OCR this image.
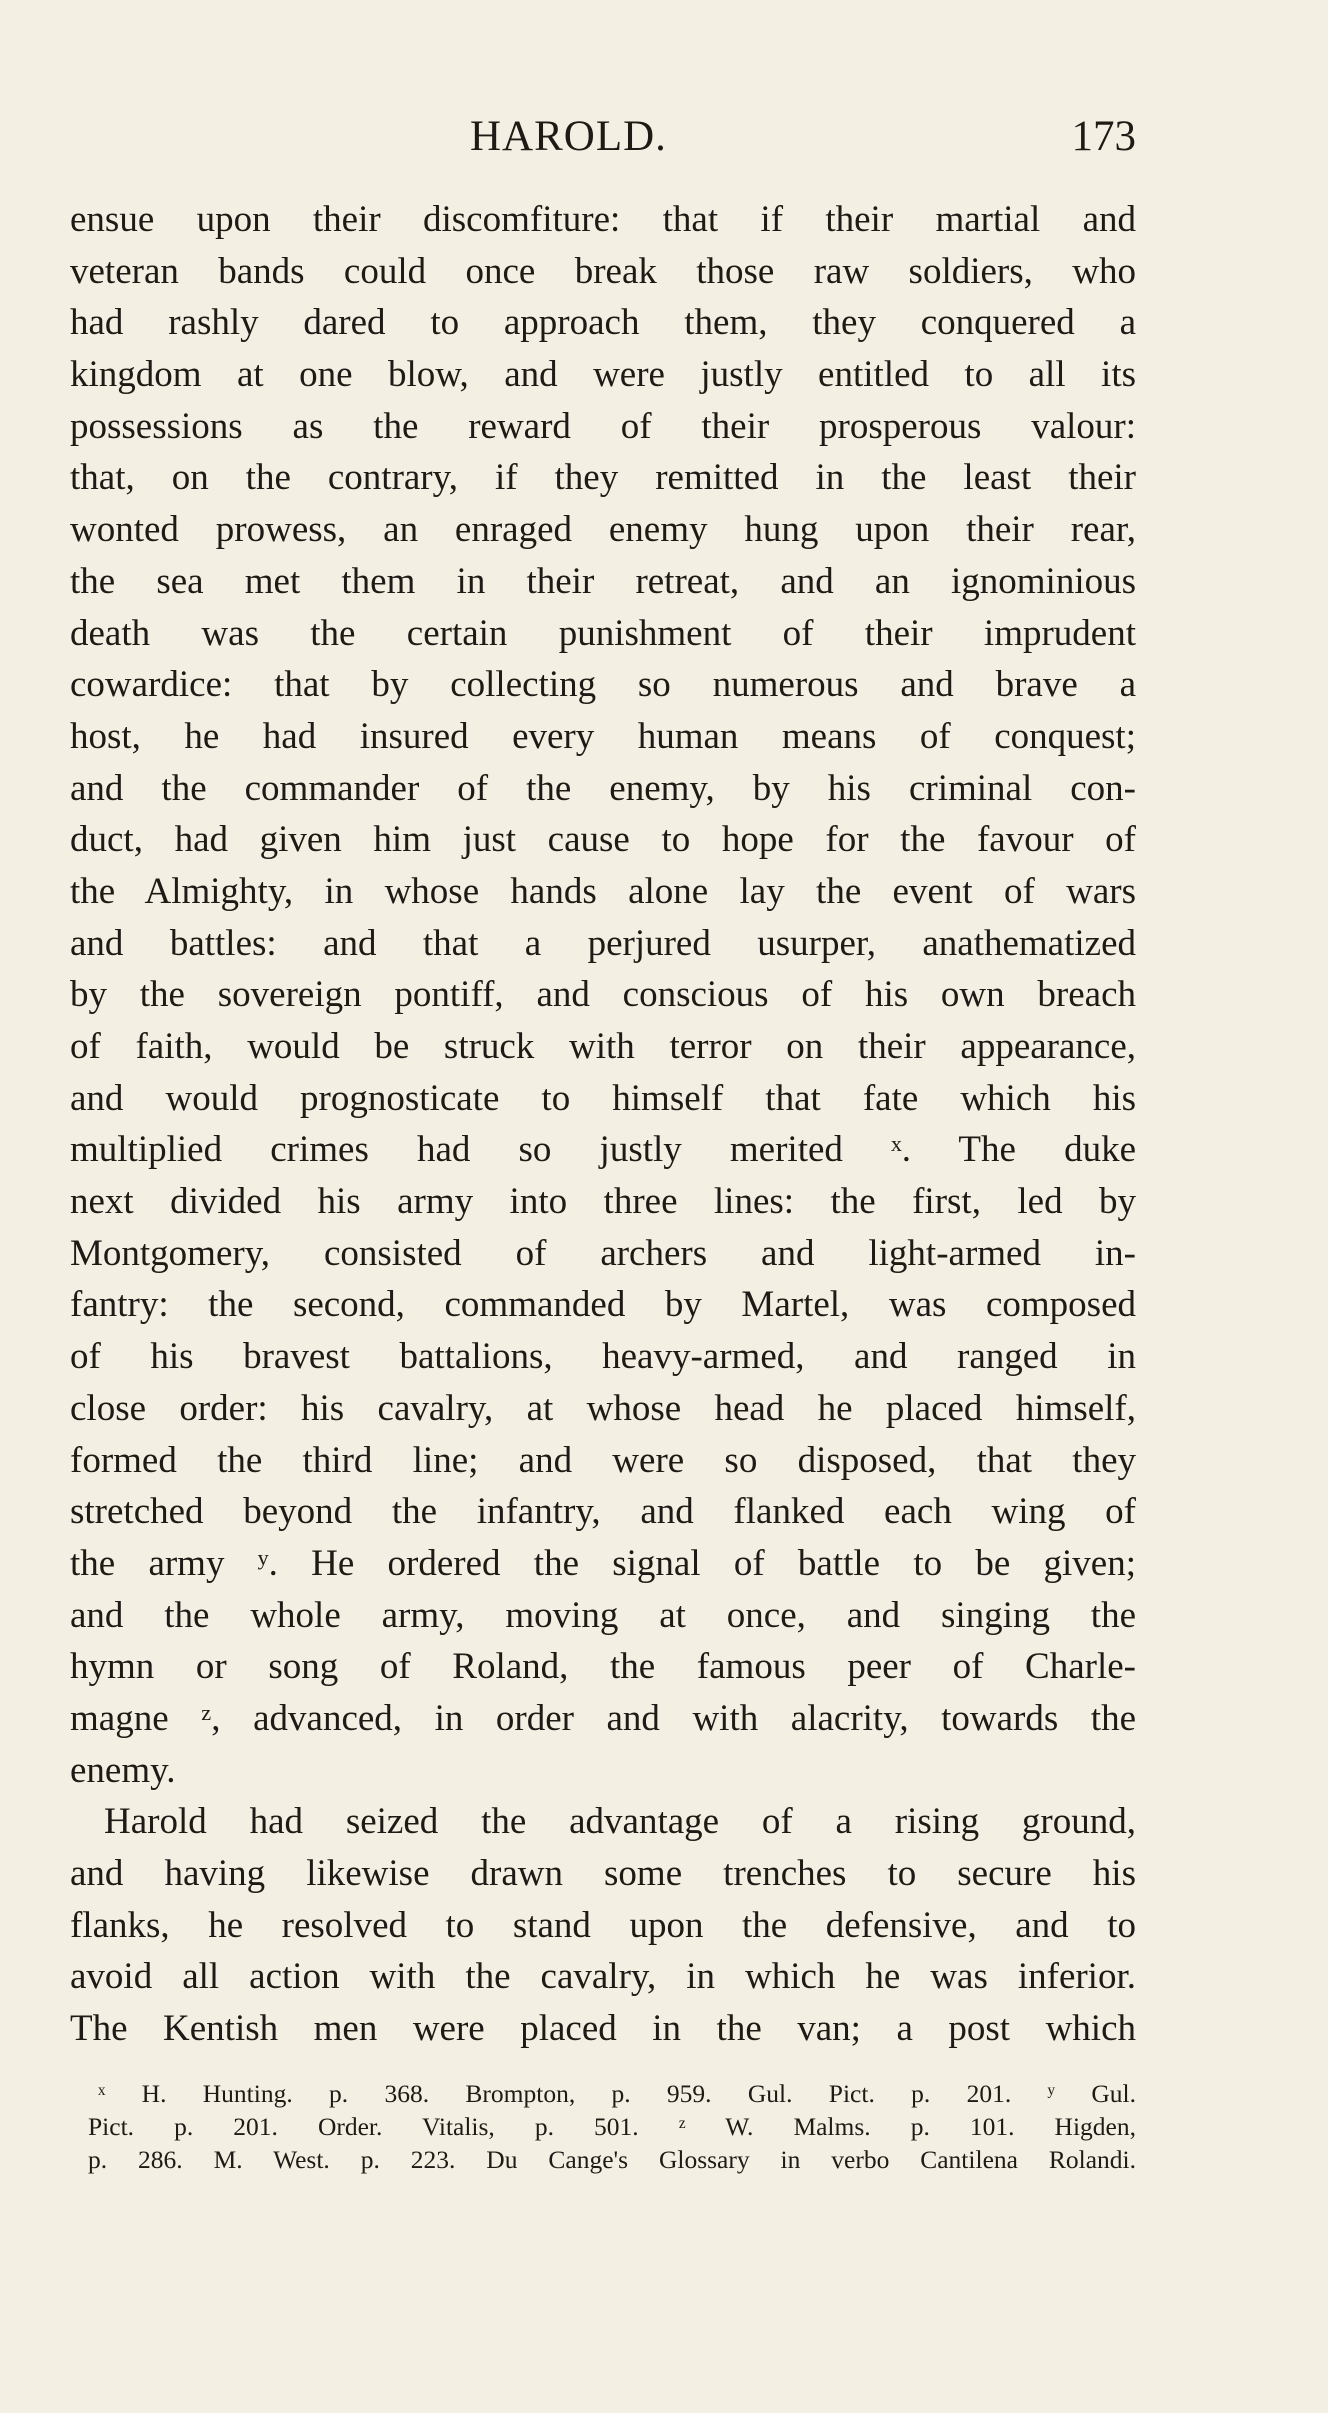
HAROLD.	173
ensue upon their discomfiture: that if their martial and
veteran bands could once break those raw soldiers, who
had rashly dared to approach them, they conquered a
kingdom at one blow, and were justly entitled to all its
possessions as the reward of their prosperous valour:
that, on the contrary, if they remitted in the least their
wonted prowess, an enraged enemy hung upon their rear,
the sea met them in their retreat, and an ignominious
death was the certain punishment of their imprudent
cowardice: that by collecting so numerous and brave a
host, he had insured every human means of conquest;
and the commander of the enemy, by his criminal con-
duct, had given him just cause to hope for the favour of
the Almighty, in whose hands alone lay the event of wars
and battles: and that a perjured usurper, anathematized
by the sovereign pontiff, and conscious of his own breach
of faith, would be struck with terror on their appearance,
and would prognosticate to himself that fate which his
multiplied crimes had so justly merited ˣ. The duke
next divided his army into three lines: the first, led by
Montgomery, consisted of archers and light-armed in-
fantry: the second, commanded by Martel, was composed
of his bravest battalions, heavy-armed, and ranged in
close order: his cavalry, at whose head he placed himself,
formed the third line; and were so disposed, that they
stretched beyond the infantry, and flanked each wing of
the army ʸ. He ordered the signal of battle to be given;
and the whole army, moving at once, and singing the
hymn or song of Roland, the famous peer of Charle-
magne ᶻ, advanced, in order and with alacrity, towards the
enemy.
Harold had seized the advantage of a rising ground,
and having likewise drawn some trenches to secure his
flanks, he resolved to stand upon the defensive, and to
avoid all action with the cavalry, in which he was inferior.
The Kentish men were placed in the van; a post which
ˣ H. Hunting. p. 368. Brompton, p. 959. Gul. Pict. p. 201. ʸ Gul.
Pict. p. 201. Order. Vitalis, p. 501. ᶻ W. Malms. p. 101. Higden,
p. 286. M. West. p. 223. Du Cange's Glossary in verbo Cantilena Rolandi.
